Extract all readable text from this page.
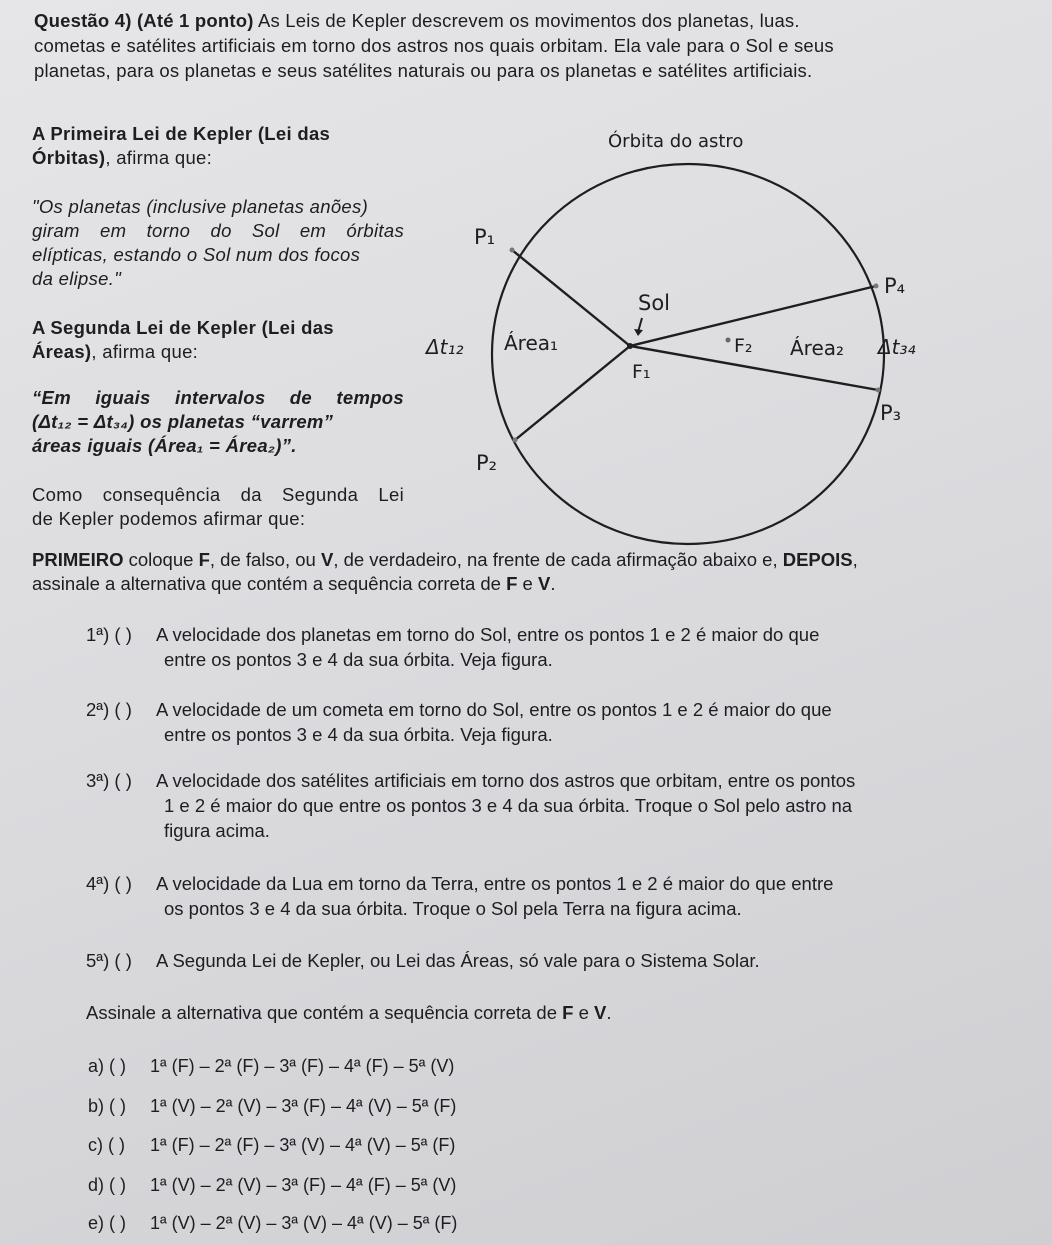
Questão 4) (Até 1 ponto) As Leis de Kepler descrevem os movimentos dos planetas, luas.
cometas e satélites artificiais em torno dos astros nos quais orbitam. Ela vale para o Sol e seus
planetas, para os planetas e seus satélites naturais ou para os planetas e satélites artificiais.
A Primeira Lei de Kepler (Lei das
Órbitas), afirma que:
"Os planetas (inclusive planetas anões)
giram em torno do Sol em órbitas
elípticas, estando o Sol num dos focos
da elipse."
A Segunda Lei de Kepler (Lei das
Áreas), afirma que:
“Em iguais intervalos de tempos
(Δt₁₂ = Δt₃₄) os planetas “varrem”
áreas iguais (Área₁ = Área₂)”.
Como consequência da Segunda Lei
de Kepler podemos afirmar que:
Órbita do astro
P₁
P₂
P₃
P₄
Sol
Área₁	Área₂
Δt₁₂	Δt₃₄
F₁
F₂
PRIMEIRO coloque F, de falso, ou V, de verdadeiro, na frente de cada afirmação abaixo e, DEPOIS,
assinale a alternativa que contém a sequência correta de F e V.
1ª) ( ) A velocidade dos planetas em torno do Sol, entre os pontos 1 e 2 é maior do que
entre os pontos 3 e 4 da sua órbita. Veja figura.
2ª) ( ) A velocidade de um cometa em torno do Sol, entre os pontos 1 e 2 é maior do que
entre os pontos 3 e 4 da sua órbita. Veja figura.
3ª) ( ) A velocidade dos satélites artificiais em torno dos astros que orbitam, entre os pontos
1 e 2 é maior do que entre os pontos 3 e 4 da sua órbita. Troque o Sol pelo astro na
figura acima.
4ª) ( ) A velocidade da Lua em torno da Terra, entre os pontos 1 e 2 é maior do que entre
os pontos 3 e 4 da sua órbita. Troque o Sol pela Terra na figura acima.
5ª) ( ) A Segunda Lei de Kepler, ou Lei das Áreas, só vale para o Sistema Solar.
Assinale a alternativa que contém a sequência correta de F e V.
a) ( ) 1ª (F) – 2ª (F) – 3ª (F) – 4ª (F) – 5ª (V)
b) ( ) 1ª (V) – 2ª (V) – 3ª (F) – 4ª (V) – 5ª (F)
c) ( ) 1ª (F) – 2ª (F) – 3ª (V) – 4ª (V) – 5ª (F)
d) ( ) 1ª (V) – 2ª (V) – 3ª (F) – 4ª (F) – 5ª (V)
e) ( ) 1ª (V) – 2ª (V) – 3ª (V) – 4ª (V) – 5ª (F)
